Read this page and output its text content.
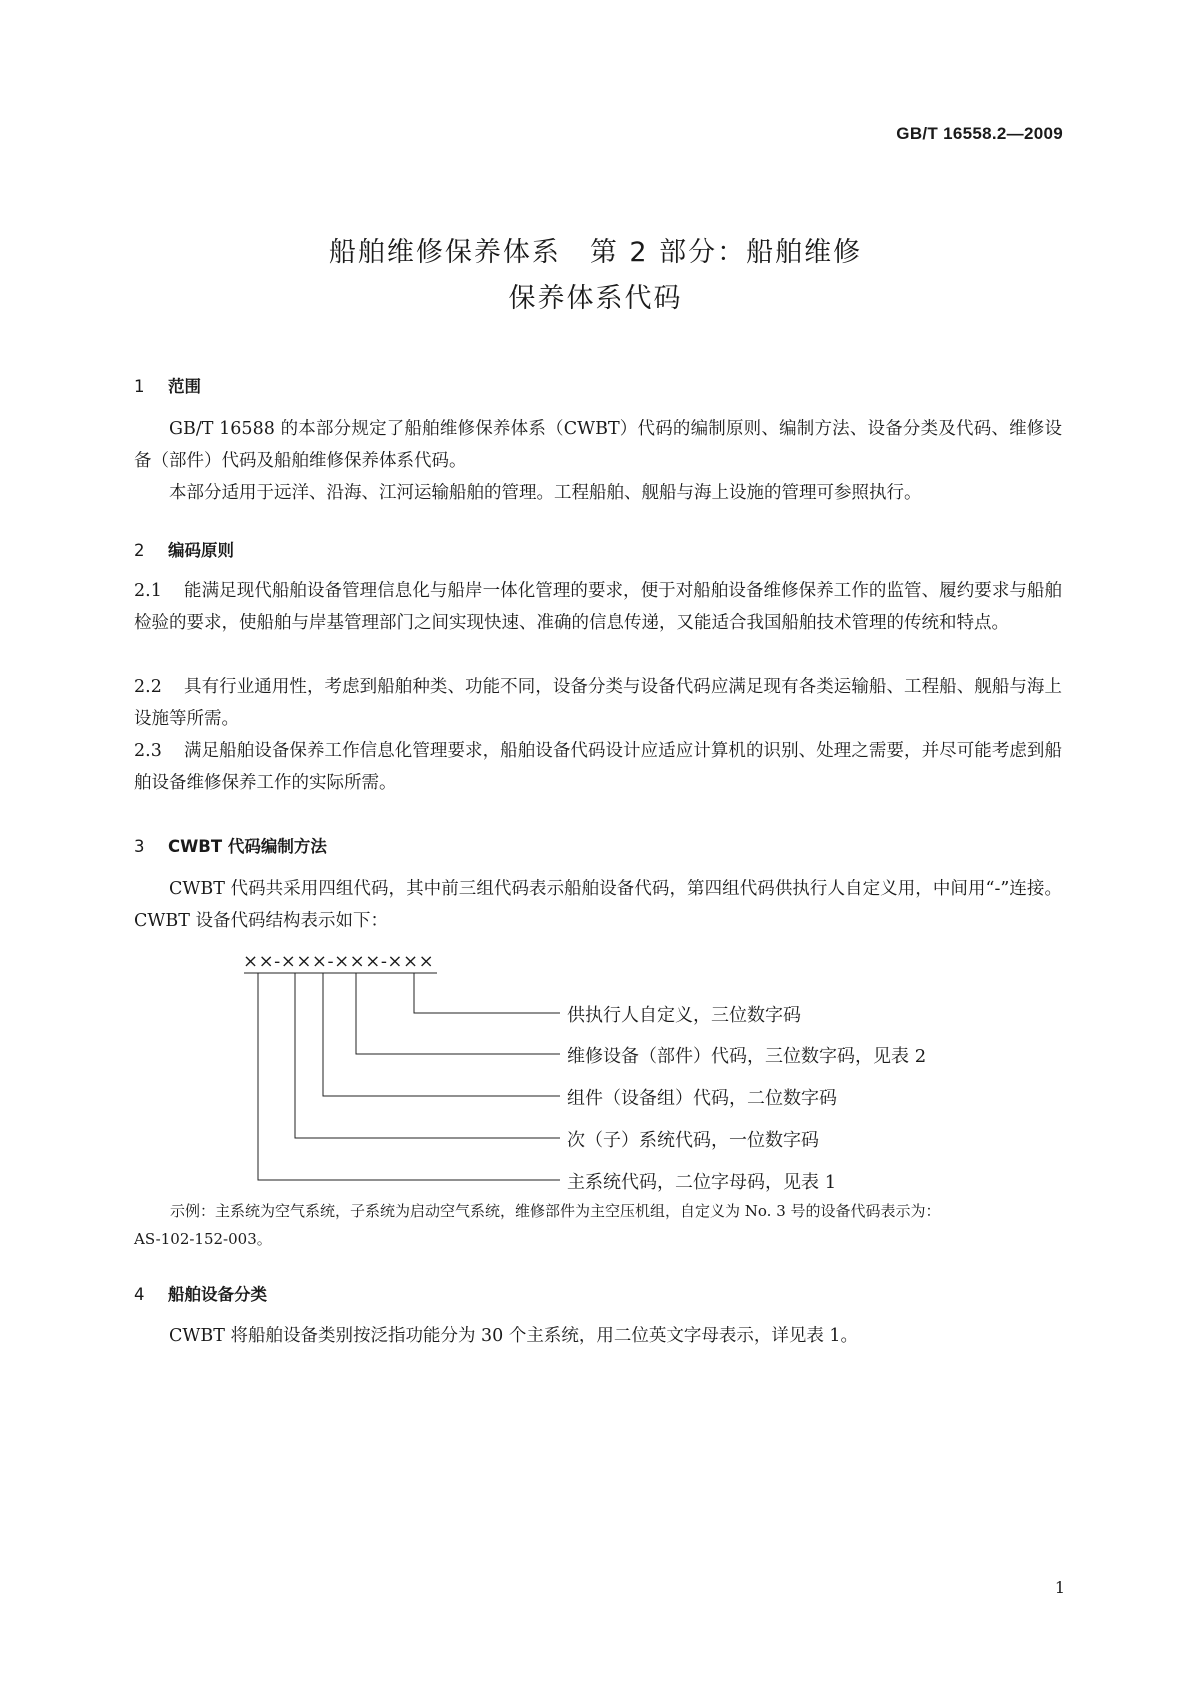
GB/T 16558.2—2009
船舶维修保养体系　第 2 部分：船舶维修
保养体系代码
1 范围
GB/T 16588 的本部分规定了船舶维修保养体系（CWBT）代码的编制原则、编制方法、设备分类及代码、维修设备（部件）代码及船舶维修保养体系代码。
本部分适用于远洋、沿海、江河运输船舶的管理。工程船舶、舰船与海上设施的管理可参照执行。
2 编码原则
2.1 能满足现代船舶设备管理信息化与船岸一体化管理的要求，便于对船舶设备维修保养工作的监管、履约要求与船舶检验的要求，使船舶与岸基管理部门之间实现快速、准确的信息传递，又能适合我国船舶技术管理的传统和特点。
2.2 具有行业通用性，考虑到船舶种类、功能不同，设备分类与设备代码应满足现有各类运输船、工程船、舰船与海上设施等所需。
2.3 满足船舶设备保养工作信息化管理要求，船舶设备代码设计应适应计算机的识别、处理之需要，并尽可能考虑到船舶设备维修保养工作的实际所需。
3 CWBT 代码编制方法
CWBT 代码共采用四组代码，其中前三组代码表示船舶设备代码，第四组代码供执行人自定义用，中间用“-”连接。CWBT 设备代码结构表示如下：
××-×××-×××-×××
供执行人自定义，三位数字码
维修设备（部件）代码，三位数字码，见表 2
组件（设备组）代码，二位数字码
次（子）系统代码，一位数字码
主系统代码，二位字母码，见表 1
示例：主系统为空气系统，子系统为启动空气系统，维修部件为主空压机组，自定义为 No. 3 号的设备代码表示为：
AS-102-152-003。
4 船舶设备分类
CWBT 将船舶设备类别按泛指功能分为 30 个主系统，用二位英文字母表示，详见表 1。
1
